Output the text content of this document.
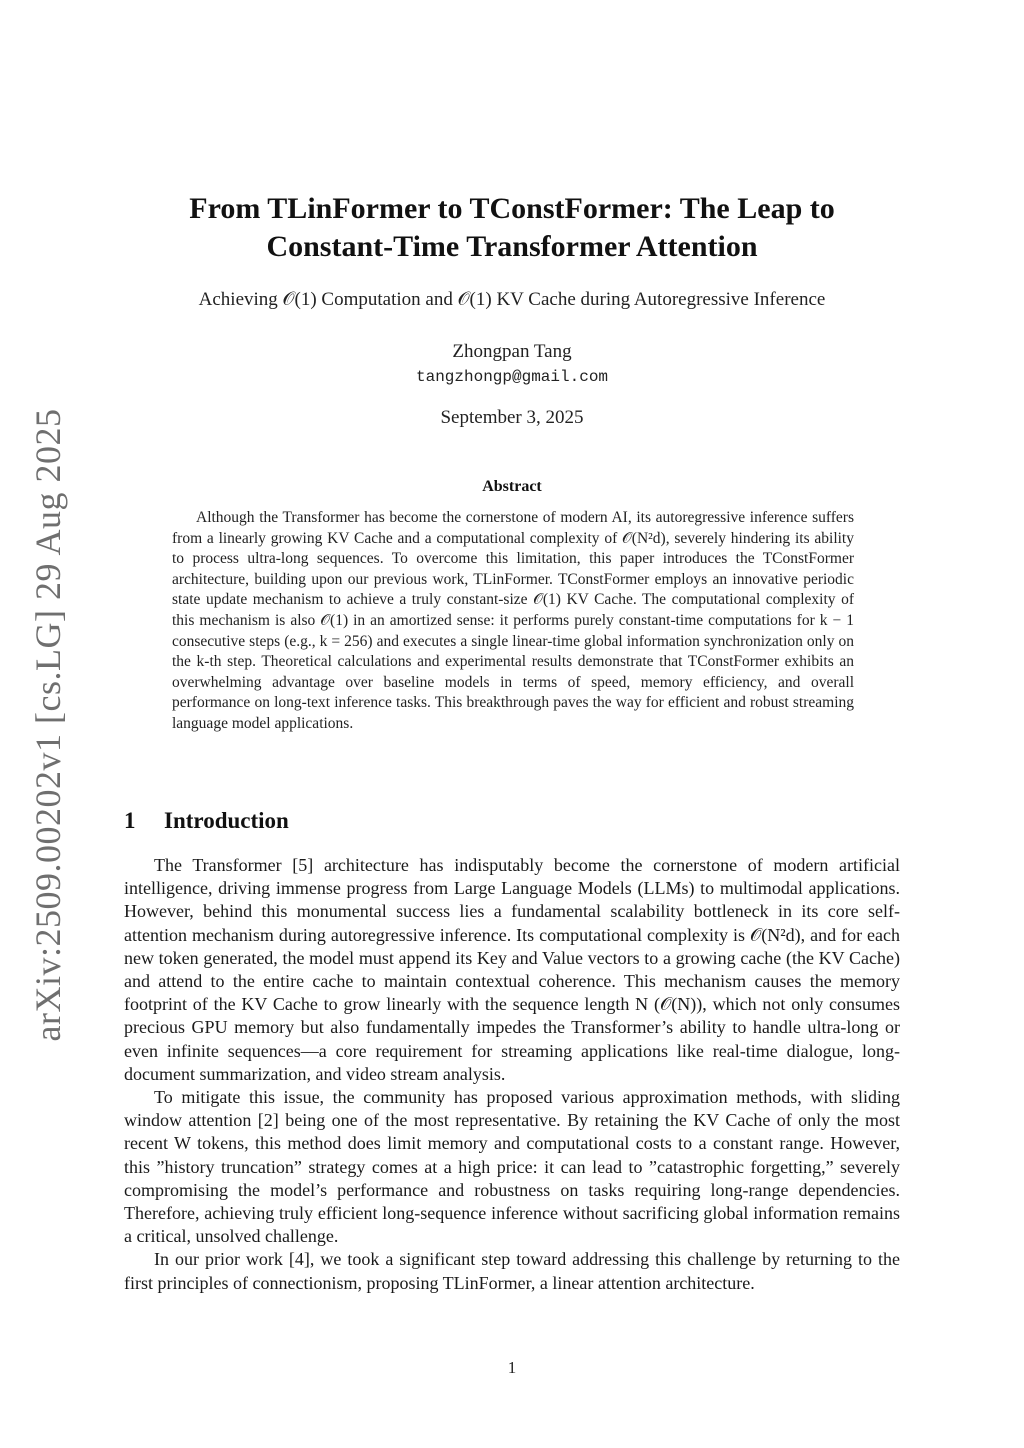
arXiv:2509.00202v1 [cs.LG] 29 Aug 2025
From TLinFormer to TConstFormer: The Leap to
Constant-Time Transformer Attention
Achieving 𝒪(1) Computation and 𝒪(1) KV Cache during Autoregressive Inference
Zhongpan Tang
tangzhongp@gmail.com
September 3, 2025
Abstract

Although the Transformer has become the cornerstone of modern AI, its autoregressive inference suffers from a linearly growing KV Cache and a computational complexity of 𝒪(N²d), severely hindering its ability to process ultra-long sequences. To overcome this limitation, this paper introduces the TConstFormer architecture, building upon our previous work, TLinFormer. TConstFormer employs an innovative periodic state update mechanism to achieve a truly constant-size 𝒪(1) KV Cache. The computational complexity of this mechanism is also 𝒪(1) in an amortized sense: it performs purely constant-time computations for k − 1 consecutive steps (e.g., k = 256) and executes a single linear-time global information synchronization only on the k-th step. Theoretical calculations and experimental results demonstrate that TConstFormer exhibits an overwhelming advantage over baseline models in terms of speed, memory efficiency, and overall performance on long-text inference tasks. This breakthrough paves the way for efficient and robust streaming language model applications.

1 Introduction

The Transformer [5] architecture has indisputably become the cornerstone of modern artificial intelligence, driving immense progress from Large Language Models (LLMs) to multimodal applications. However, behind this monumental success lies a fundamental scalability bottleneck in its core self-attention mechanism during autoregressive inference. Its computational complexity is 𝒪(N²d), and for each new token generated, the model must append its Key and Value vectors to a growing cache (the KV Cache) and attend to the entire cache to maintain contextual coherence. This mechanism causes the memory footprint of the KV Cache to grow linearly with the sequence length N (𝒪(N)), which not only consumes precious GPU memory but also fundamentally impedes the Transformer’s ability to handle ultra-long or even infinite sequences—a core requirement for streaming applications like real-time dialogue, long-document summarization, and video stream analysis.

To mitigate this issue, the community has proposed various approximation methods, with sliding window attention [2] being one of the most representative. By retaining the KV Cache of only the most recent W tokens, this method does limit memory and computational costs to a constant range. However, this ”history truncation” strategy comes at a high price: it can lead to ”catastrophic forgetting,” severely compromising the model’s performance and robustness on tasks requiring long-range dependencies. Therefore, achieving truly efficient long-sequence inference without sacrificing global information remains a critical, unsolved challenge.

In our prior work [4], we took a significant step toward addressing this challenge by returning to the first principles of connectionism, proposing TLinFormer, a linear attention architecture.

1
